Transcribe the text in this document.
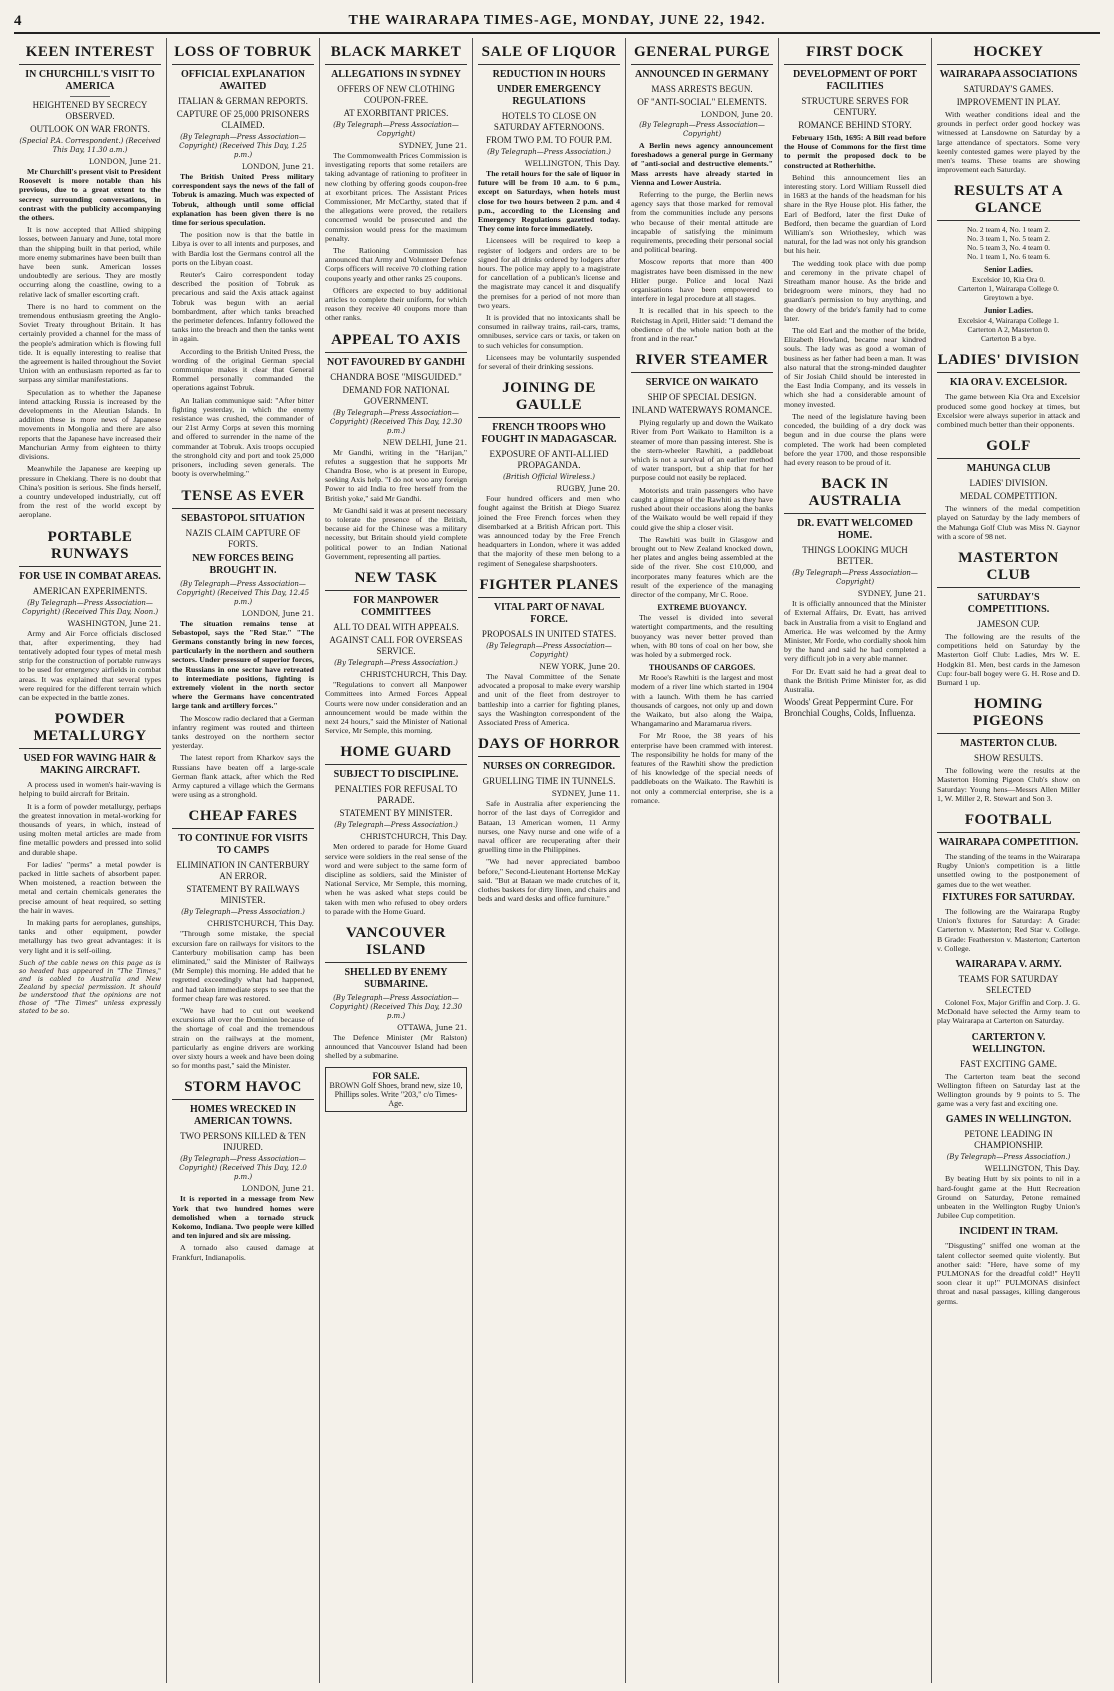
4	THE WAIRARAPA TIMES-AGE, MONDAY, JUNE 22, 1942.
KEEN INTEREST
IN CHURCHILL'S VISIT TO AMERICA
HEIGHTENED BY SECRECY OBSERVED.
OUTLOOK ON WAR FRONTS.
(Special P.A. Correspondent.) (Received This Day, 11.30 a.m.)
LONDON, June 21.

Mr Churchill's present visit to President Roosevelt is more notable than his previous, due to a great extent to the secrecy surrounding conversations, in contrast with the publicity accompanying the others.

It is now accepted that Allied shipping losses, between January and June, total more than the shipping built in that period, while more enemy submarines have been built than have been sunk. American losses undoubtedly are serious. They are mostly occurring along the coastline, owing to a relative lack of smaller escorting craft.

There is no hard to comment on the tremendous enthusiasm greeting the Anglo-Soviet Treaty throughout Britain. It has certainly provided a channel for the mass of the people's admiration which is flowing full tide. It is equally interesting to realise that the agreement is hailed throughout the Soviet Union with an enthusiasm reported as far to surpass any similar manifestations.

Speculation as to whether the Japanese intend attacking Russia is increased by the developments in the Aleutian Islands. In addition these is more news of Japanese movements in Mongolia and there are also reports that the Japanese have increased their Manchurian Army from eighteen to thirty divisions.

Meanwhile the Japanese are keeping up pressure in Chekiang. There is no doubt that China's position is serious. She finds herself, a country undeveloped industrially, cut off from the rest of the world except by aeroplane.

PORTABLE RUNWAYS
FOR USE IN COMBAT AREAS.
AMERICAN EXPERIMENTS.
(By Telegraph—Press Association—Copyright) (Received This Day, Noon.)
WASHINGTON, June 21.

Army and Air Force officials disclosed that, after experimenting, they had tentatively adopted four types of metal mesh strip for the construction of portable runways to be used for emergency airfields in combat areas. It was explained that several types were required for the different terrain which can be expected in the battle zones.

POWDER METALLURGY
USED FOR WAVING HAIR & MAKING AIRCRAFT.

A process used in women's hair-waving is helping to build aircraft for Britain.

It is a form of powder metallurgy, perhaps the greatest innovation in metal-working for thousands of years, in which, instead of using molten metal articles are made from fine metallic powders and pressed into solid and durable shape.

For ladies' "perms" a metal powder is packed in little sachets of absorbent paper. When moistened, a reaction between the metal and certain chemicals generates the precise amount of heat required, so setting the hair in waves.

In making parts for aeroplanes, gunships, tanks and other equipment, powder metallurgy has two great advantages: it is very light and it is self-oiling.

Such of the cable news on this page as is so headed has appeared in "The Times," and is cabled to Australia and New Zealand by special permission. It should be understood that the opinions are not those of "The Times" unless expressly stated to be so.
LOSS OF TOBRUK
OFFICIAL EXPLANATION AWAITED
ITALIAN & GERMAN REPORTS.
CAPTURE OF 25,000 PRISONERS CLAIMED.
(By Telegraph—Press Association—Copyright) (Received This Day, 1.25 p.m.)
LONDON, June 21.

The British United Press military correspondent says the news of the fall of Tobruk is amazing. Much was expected of Tobruk, although until some official explanation has been given there is no time for serious speculation.

The position now is that the battle in Libya is over to all intents and purposes, and with Bardia lost the Germans control all the ports on the Libyan coast.

Reuter's Cairo correspondent today described the position of Tobruk as precarious and said the Axis attack against Tobruk was begun with an aerial bombardment, after which tanks breached the perimeter defences. Infantry followed the tanks into the breach and then the tanks went in again.

According to the British United Press, the wording of the original German special communique makes it clear that General Rommel personally commanded the operations against Tobruk.

An Italian communique said: "After bitter fighting yesterday, in which the enemy resistance was crushed, the commander of our 21st Army Corps at seven this morning and offered to surrender in the name of the commander at Tobruk. Axis troops occupied the stronghold city and port and took 25,000 prisoners, including seven generals. The booty is overwhelming."

TENSE AS EVER
SEBASTOPOL SITUATION
NAZIS CLAIM CAPTURE OF FORTS.
NEW FORCES BEING BROUGHT IN.
(By Telegraph—Press Association—Copyright) (Received This Day, 12.45 p.m.)
LONDON, June 21.

The situation remains tense at Sebastopol, says the "Red Star." "The Germans constantly bring in new forces, particularly in the northern and southern sectors. Under pressure of superior forces, the Russians in one sector have retreated to intermediate positions, fighting is extremely violent in the north sector where the Germans have concentrated large tank and artillery forces."

The Moscow radio declared that a German infantry regiment was routed and thirteen tanks destroyed on the northern sector yesterday.

The latest report from Kharkov says the Russians have beaten off a large-scale German flank attack, after which the Red Army captured a village which the Germans were using as a stronghold.

CHEAP FARES
TO CONTINUE FOR VISITS TO CAMPS
ELIMINATION IN CANTERBURY AN ERROR.
STATEMENT BY RAILWAYS MINISTER.
(By Telegraph—Press Association.)
CHRISTCHURCH, This Day.

"Through some mistake, the special excursion fare on railways for visitors to the Canterbury mobilisation camp has been eliminated," said the Minister of Railways (Mr Semple) this morning. He added that he regretted exceedingly what had happened, and had taken immediate steps to see that the former cheap fare was restored.

"We have had to cut out weekend excursions all over the Dominion because of the shortage of coal and the tremendous strain on the railways at the moment, particularly as engine drivers are working over sixty hours a week and have been doing so for months past," said the Minister.

STORM HAVOC
HOMES WRECKED IN AMERICAN TOWNS.
TWO PERSONS KILLED & TEN INJURED.
(By Telegraph—Press Association—Copyright) (Received This Day, 12.0 p.m.)
LONDON, June 21.

It is reported in a message from New York that two hundred homes were demolished when a tornado struck Kokomo, Indiana. Two people were killed and ten injured and six are missing.

A tornado also caused damage at Frankfurt, Indianapolis.

BLACK MARKET
ALLEGATIONS IN SYDNEY
OFFERS OF NEW CLOTHING COUPON-FREE.
AT EXORBITANT PRICES.
(By Telegraph—Press Association—Copyright)
SYDNEY, June 21.

The Commonwealth Prices Commission is investigating reports that some retailers are taking advantage of rationing to profiteer in new clothing by offering goods coupon-free at exorbitant prices. The Assistant Prices Commissioner, Mr McCarthy, stated that if the allegations were proved, the retailers concerned would be prosecuted and the commission would press for the maximum penalty.

The Rationing Commission has announced that Army and Volunteer Defence Corps officers will receive 70 clothing ration coupons yearly and other ranks 25 coupons.

Officers are expected to buy additional articles to complete their uniform, for which reason they receive 40 coupons more than other ranks.

APPEAL TO AXIS
NOT FAVOURED BY GANDHI
CHANDRA BOSE "MISGUIDED."
DEMAND FOR NATIONAL GOVERNMENT.
(By Telegraph—Press Association—Copyright) (Received This Day, 12.30 p.m.)
NEW DELHI, June 21.

Mr Gandhi, writing in the "Harijan," refutes a suggestion that he supports Mr Chandra Bose, who is at present in Europe, seeking Axis help. "I do not woo any foreign Power to aid India to free herself from the British yoke," said Mr Gandhi.

Mr Gandhi said it was at present necessary to tolerate the presence of the British, because aid for the Chinese was a military necessity, but Britain should yield complete political power to an Indian National Government, representing all parties.

NEW TASK
FOR MANPOWER COMMITTEES
ALL TO DEAL WITH APPEALS.
AGAINST CALL FOR OVERSEAS SERVICE.
(By Telegraph—Press Association.)
CHRISTCHURCH, This Day.

"Regulations to convert all Manpower Committees into Armed Forces Appeal Courts were now under consideration and an announcement would be made within the next 24 hours," said the Minister of National Service, Mr Semple, this morning.

HOME GUARD
SUBJECT TO DISCIPLINE.
PENALTIES FOR REFUSAL TO PARADE.
STATEMENT BY MINISTER.
(By Telegraph—Press Association.)
CHRISTCHURCH, This Day.

Men ordered to parade for Home Guard service were soldiers in the real sense of the word and were subject to the same form of discipline as soldiers, said the Minister of National Service, Mr Semple, this morning, when he was asked what steps could be taken with men who refused to obey orders to parade with the Home Guard.

VANCOUVER ISLAND
SHELLED BY ENEMY SUBMARINE.
(By Telegraph—Press Association—Copyright) (Received This Day, 12.30 p.m.)
OTTAWA, June 21.

The Defence Minister (Mr Ralston) announced that Vancouver Island had been shelled by a submarine.

FOR SALE.
BROWN Golf Shoes, brand new, size 10, Phillips soles. Write "203," c/o Times-Age.
SALE OF LIQUOR
REDUCTION IN HOURS
UNDER EMERGENCY REGULATIONS
HOTELS TO CLOSE ON SATURDAY AFTERNOONS.
FROM TWO P.M. TO FOUR P.M.
(By Telegraph—Press Association.)
WELLINGTON, This Day.

The retail hours for the sale of liquor in future will be from 10 a.m. to 6 p.m., except on Saturdays, when hotels must close for two hours between 2 p.m. and 4 p.m., according to the Licensing and Emergency Regulations gazetted today. They come into force immediately.

Licensees will be required to keep a register of lodgers and orders are to be signed for all drinks ordered by lodgers after hours. The police may apply to a magistrate for cancellation of a publican's license and the magistrate may cancel it and disqualify the premises for a period of not more than two years.

It is provided that no intoxicants shall be consumed in railway trains, rail-cars, trams, omnibuses, service cars or taxis, or taken on to such vehicles for consumption.

Licensees may be voluntarily suspended for several of their drinking sessions.

JOINING DE GAULLE
FRENCH TROOPS WHO FOUGHT IN MADAGASCAR.
EXPOSURE OF ANTI-ALLIED PROPAGANDA.
(British Official Wireless.)
RUGBY, June 20.

Four hundred officers and men who fought against the British at Diego Suarez joined the Free French forces when they disembarked at a British African port. This was announced today by the Free French headquarters in London, where it was added that the majority of these men belong to a regiment of Senegalese sharpshooters.

FIGHTER PLANES
VITAL PART OF NAVAL FORCE.
PROPOSALS IN UNITED STATES.
(By Telegraph—Press Association—Copyright)
NEW YORK, June 20.

The Naval Committee of the Senate advocated a proposal to make every warship and unit of the fleet from destroyer to battleship into a carrier for fighting planes, says the Washington correspondent of the Associated Press of America.

DAYS OF HORROR
NURSES ON CORREGIDOR.
GRUELLING TIME IN TUNNELS.
SYDNEY, June 11.

Safe in Australia after experiencing the horror of the last days of Corregidor and Bataan, 13 American women, 11 Army nurses, one Navy nurse and one wife of a naval officer are recuperating after their gruelling time in the Philippines.

"We had never appreciated bamboo before," Second-Lieutenant Hortense McKay said. "But at Bataan we made crutches of it, clothes baskets for dirty linen, and chairs and beds and ward desks and office furniture."

GENERAL PURGE
ANNOUNCED IN GERMANY
MASS ARRESTS BEGUN.
OF "ANTI-SOCIAL" ELEMENTS.
LONDON, June 20.
(By Telegraph—Press Association—Copyright)

A Berlin news agency announcement foreshadows a general purge in Germany of "anti-social and destructive elements." Mass arrests have already started in Vienna and Lower Austria.

Referring to the purge, the Berlin news agency says that those marked for removal from the communities include any persons who because of their mental attitude are incapable of satisfying the minimum requirements, preceding their personal social and political bearing.

Moscow reports that more than 400 magistrates have been dismissed in the new Hitler purge. Police and local Nazi organisations have been empowered to interfere in legal procedure at all stages.

It is recalled that in his speech to the Reichstag in April, Hitler said: "I demand the obedience of the whole nation both at the front and in the rear."

RIVER STEAMER
SERVICE ON WAIKATO
SHIP OF SPECIAL DESIGN.
INLAND WATERWAYS ROMANCE.

Plying regularly up and down the Waikato River from Port Waikato to Hamilton is a steamer of more than passing interest. She is the stern-wheeler Rawhiti, a paddleboat which is not a survival of an earlier method of water transport, but a ship that for her purpose could not easily be replaced.

Motorists and train passengers who have caught a glimpse of the Rawhiti as they have rushed about their occasions along the banks of the Waikato would be well repaid if they could give the ship a closer visit.

The Rawhiti was built in Glasgow and brought out to New Zealand knocked down, her plates and angles being assembled at the side of the river. She cost £10,000, and incorporates many features which are the result of the experience of the managing director of the company, Mr C. Rooe.

EXTREME BUOYANCY.

The vessel is divided into several watertight compartments, and the resulting buoyancy was never better proved than when, with 80 tons of coal on her bow, she was holed by a submerged rock.

THOUSANDS OF CARGOES.

Mr Rooe's Rawhiti is the largest and most modern of a river line which started in 1904 with a launch. With them he has carried thousands of cargoes, not only up and down the Waikato, but also along the Waipa, Whangamarino and Maramarua rivers.

For Mr Rooe, the 38 years of his enterprise have been crammed with interest. The responsibility he holds for many of the features of the Rawhiti show the prediction of his knowledge of the special needs of paddleboats on the Waikato. The Rawhiti is not only a commercial enterprise, she is a romance.

FIRST DOCK
DEVELOPMENT OF PORT FACILITIES
STRUCTURE SERVES FOR CENTURY.
ROMANCE BEHIND STORY.

February 15th, 1695: A Bill read before the House of Commons for the first time to permit the proposed dock to be constructed at Rotherhithe.

Behind this announcement lies an interesting story. Lord William Russell died in 1683 at the hands of the headsman for his share in the Rye House plot. His father, the Earl of Bedford, later the first Duke of Bedford, then became the guardian of Lord William's son Wriothesley, which was natural, for the lad was not only his grandson but his heir.

The wedding took place with due pomp and ceremony in the private chapel of Streatham manor house. As the bride and bridegroom were minors, they had no guardian's permission to buy anything, and the dowry of the bride's family had to come later.

The old Earl and the mother of the bride, Elizabeth Howland, became near kindred souls. The lady was as good a woman of business as her father had been a man. It was also natural that the strong-minded daughter of Sir Josiah Child should be interested in the East India Company, and its vessels in which she had a considerable amount of money invested.

The need of the legislature having been conceded, the building of a dry dock was begun and in due course the plans were completed. The work had been completed before the year 1700, and those responsible had every reason to be proud of it.

BACK IN AUSTRALIA
DR. EVATT WELCOMED HOME.
THINGS LOOKING MUCH BETTER.
(By Telegraph—Press Association—Copyright)
SYDNEY, June 21.

It is officially announced that the Minister of External Affairs, Dr. Evatt, has arrived back in Australia from a visit to England and America. He was welcomed by the Army Minister, Mr Forde, who cordially shook him by the hand and said he had completed a very difficult job in a very able manner.

For Dr. Evatt said he had a great deal to thank the British Prime Minister for, as did Australia.

Woods' Great Peppermint Cure. For Bronchial Coughs, Colds, Influenza.
HOCKEY
WAIRARAPA ASSOCIATIONS
SATURDAY'S GAMES.
IMPROVEMENT IN PLAY.

With weather conditions ideal and the grounds in perfect order good hockey was witnessed at Lansdowne on Saturday by a large attendance of spectators. Some very keenly contested games were played by the men's teams. These teams are showing improvement each Saturday.

RESULTS AT A GLANCE

No. 2 team 4, No. 1 team 2.

No. 3 team 1, No. 5 team 2.

No. 5 team 3, No. 4 team 0.

No. 1 team 1, No. 6 team 6.

Senior Ladies.

Excelsior 10, Kia Ora 0.

Carterton 1, Wairarapa College 0.

Greytown a bye.

Junior Ladies.

Excelsior 4, Wairarapa College 1.

Carterton A 2, Masterton 0.

Carterton B a bye.

LADIES' DIVISION
KIA ORA V. EXCELSIOR.

The game between Kia Ora and Excelsior produced some good hockey at times, but Excelsior were always superior in attack and combined much better than their opponents.

GOLF
MAHUNGA CLUB
LADIES' DIVISION.
MEDAL COMPETITION.

The winners of the medal competition played on Saturday by the lady members of the Mahunga Golf Club was Miss N. Gaynor with a score of 98 net.

MASTERTON CLUB
SATURDAY'S COMPETITIONS.
JAMESON CUP.

The following are the results of the competitions held on Saturday by the Masterton Golf Club: Ladies, Mrs W. E. Hodgkin 81. Men, best cards in the Jameson Cup: four-ball bogey were G. H. Rose and D. Burnard 1 up.

HOMING PIGEONS
MASTERTON CLUB.
SHOW RESULTS.

The following were the results at the Masterton Homing Pigeon Club's show on Saturday: Young hens—Messrs Allen Miller 1, W. Miller 2, R. Stewart and Son 3.

FOOTBALL
WAIRARAPA COMPETITION.

The standing of the teams in the Wairarapa Rugby Union's competition is a little unsettled owing to the postponement of games due to the wet weather.

FIXTURES FOR SATURDAY.

The following are the Wairarapa Rugby Union's fixtures for Saturday: A Grade: Carterton v. Masterton; Red Star v. College. B Grade: Featherston v. Masterton; Carterton v. College.

WAIRARAPA V. ARMY.
TEAMS FOR SATURDAY SELECTED

Colonel Fox, Major Griffin and Corp. J. G. McDonald have selected the Army team to play Wairarapa at Carterton on Saturday.

CARTERTON V. WELLINGTON.
FAST EXCITING GAME.

The Carterton team beat the second Wellington fifteen on Saturday last at the Wellington grounds by 9 points to 5. The game was a very fast and exciting one.

GAMES IN WELLINGTON.
PETONE LEADING IN CHAMPIONSHIP.
(By Telegraph—Press Association.)
WELLINGTON, This Day.

By beating Hutt by six points to nil in a hard-fought game at the Hutt Recreation Ground on Saturday, Petone remained unbeaten in the Wellington Rugby Union's Jubilee Cup competition.

INCIDENT IN TRAM.

"Disgusting" sniffed one woman at the talent collector seemed quite violently. But another said: "Here, have some of my PULMONAS for the dreadful cold!" Hey'll soon clear it up!" PULMONAS disinfect throat and nasal passages, killing dangerous germs.
